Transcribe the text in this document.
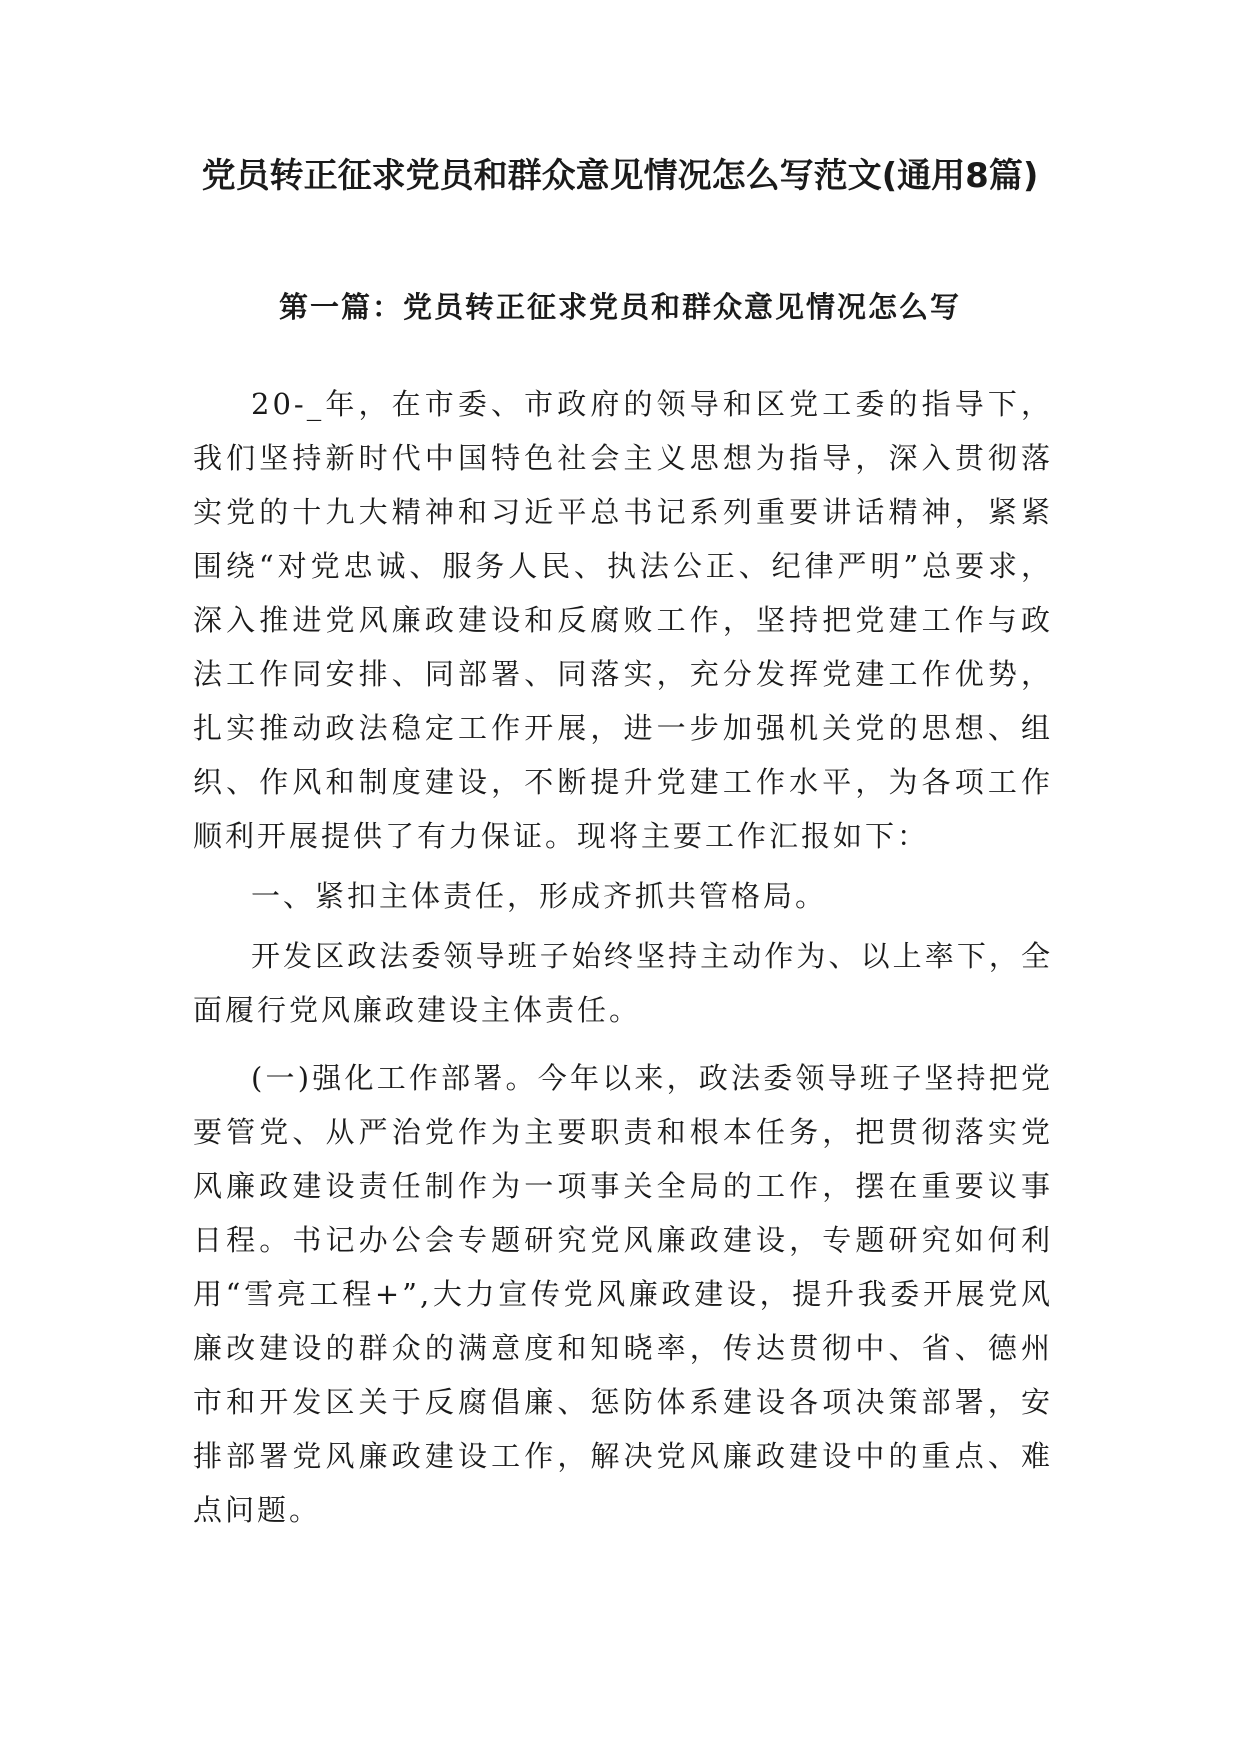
党员转正征求党员和群众意见情况怎么写范文(通用8篇)
第一篇：党员转正征求党员和群众意见情况怎么写

20-_年，在市委、市政府的领导和区党工委的指导下，我们坚持新时代中国特色社会主义思想为指导，深入贯彻落实党的十九大精神和习近平总书记系列重要讲话精神，紧紧围绕“对党忠诚、服务人民、执法公正、纪律严明”总要求，深入推进党风廉政建设和反腐败工作，坚持把党建工作与政法工作同安排、同部署、同落实，充分发挥党建工作优势，扎实推动政法稳定工作开展，进一步加强机关党的思想、组织、作风和制度建设，不断提升党建工作水平，为各项工作顺利开展提供了有力保证。现将主要工作汇报如下：

一、紧扣主体责任，形成齐抓共管格局。

开发区政法委领导班子始终坚持主动作为、以上率下，全面履行党风廉政建设主体责任。

(一)强化工作部署。今年以来，政法委领导班子坚持把党要管党、从严治党作为主要职责和根本任务，把贯彻落实党风廉政建设责任制作为一项事关全局的工作，摆在重要议事日程。书记办公会专题研究党风廉政建设，专题研究如何利用“雪亮工程+”,大力宣传党风廉政建设，提升我委开展党风廉改建设的群众的满意度和知晓率，传达贯彻中、省、德州市和开发区关于反腐倡廉、惩防体系建设各项决策部署，安排部署党风廉政建设工作，解决党风廉政建设中的重点、难点问题。
